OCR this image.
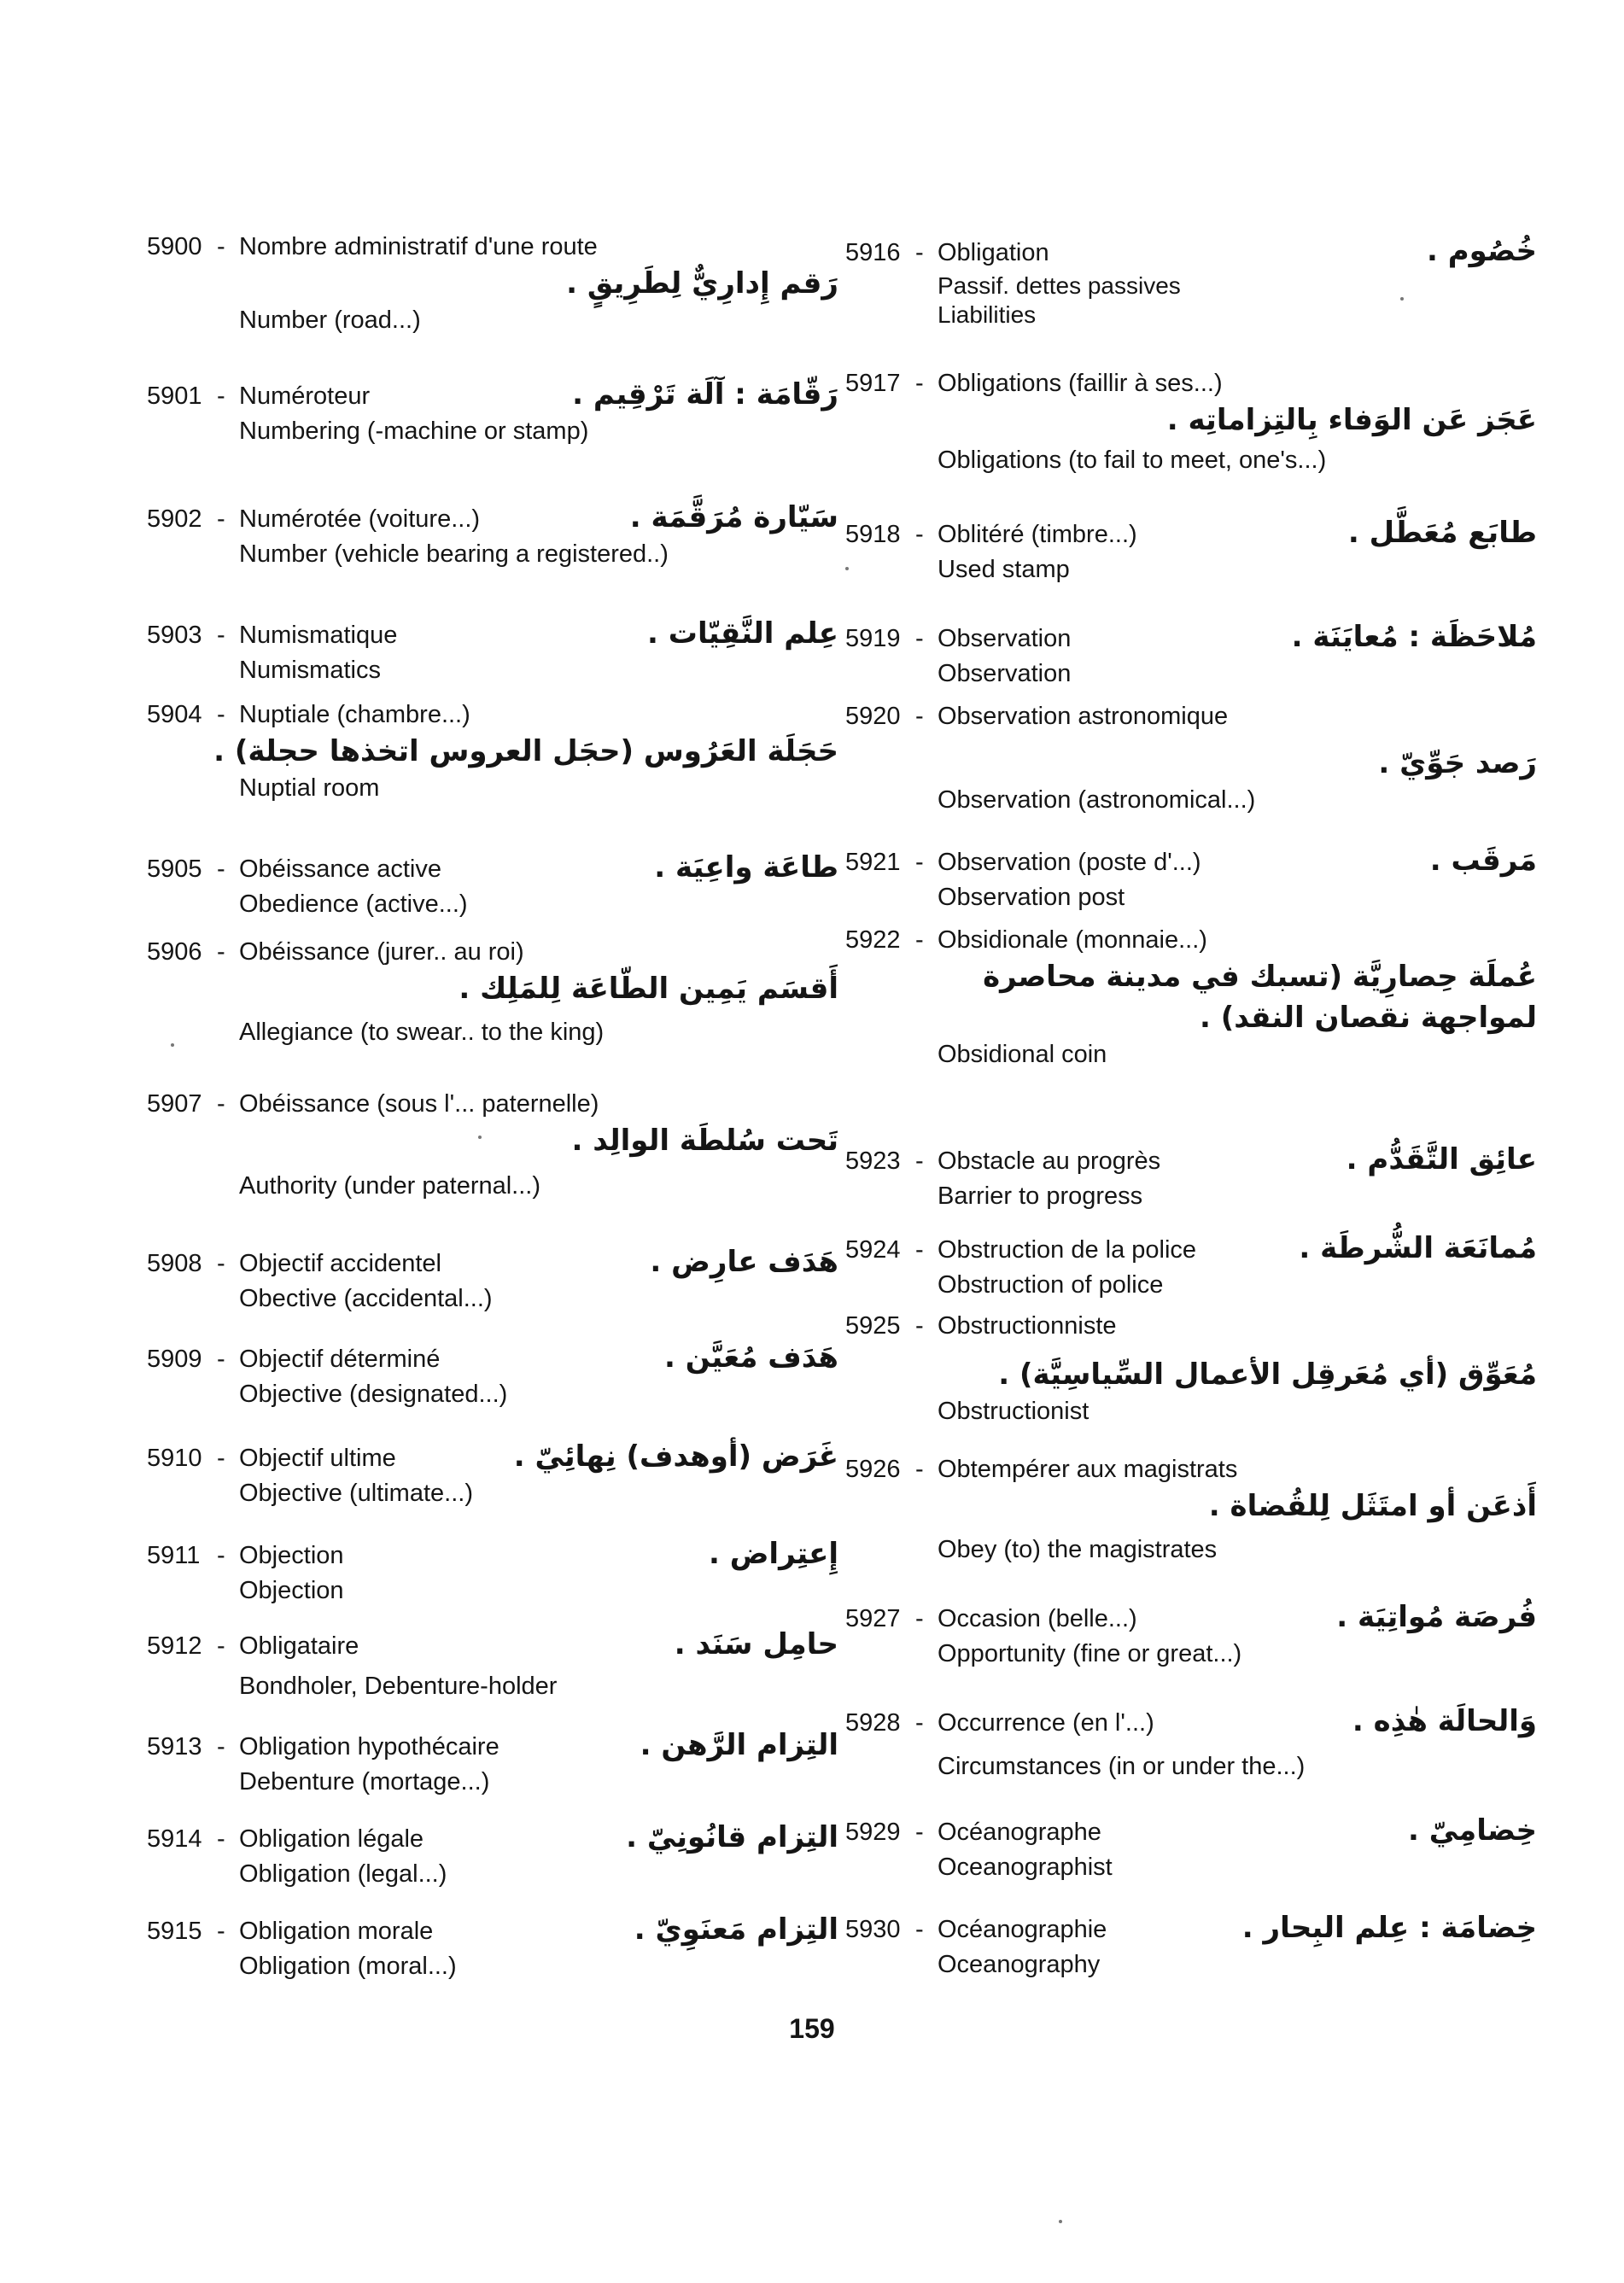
5900 - Nombre administratif d'une route
رَقم إِدارِيٌّ لِطَرِيقٍ .
Number (road...)
5901 - Numéroteur	رَقّامَة : آلَة تَرْقِيم .
Numbering (-machine or stamp)
5902 - Numérotée (voiture...)	سَيّارة مُرَقَّمَة .
Number (vehicle bearing a registered..)
5903 - Numismatique	عِلم النَّقِيّات .
Numismatics
5904 - Nuptiale (chambre...)
حَجَلَة العَرُوس (حجَل العروس اتخذها حجلة) .
Nuptial room
5905 - Obéissance active	طاعَة واعِيَة .
Obedience (active...)
5906 - Obéissance (jurer.. au roi)
أَقسَم يَمِين الطّاعَة لِلمَلِك .
Allegiance (to swear.. to the king)
5907 - Obéissance (sous l'... paternelle)
تَحت سُلطَة الوالِد .
Authority (under paternal...)
5908 - Objectif accidentel	هَدَف عارِض .
Obective (accidental...)
5909 - Objectif déterminé	هَدَف مُعَيَّن .
Objective (designated...)
5910 - Objectif ultime	غَرَض (أوهدف) نِهائِيّ .
Objective (ultimate...)
5911 - Objection	إِعتِراض .
Objection
5912 - Obligataire	حامِل سَنَد .
Bondholer, Debenture-holder
5913 - Obligation hypothécaire	التِزام الرَّهن .
Debenture (mortage...)
5914 - Obligation légale	التِزام قانُونِيّ .
Obligation (legal...)
5915 - Obligation morale	التِزام مَعنَوِيّ .
Obligation (moral...)
5916 - Obligation	خُصُوم .
Passif. dettes passives
Liabilities
5917 - Obligations (faillir à ses...)
عَجَز عَن الوَفاء بِالتِزاماتِه .
Obligations (to fail to meet, one's...)
5918 - Oblitéré (timbre...)	طابَع مُعَطَّل .
Used stamp
5919 - Observation	مُلاحَظَة : مُعايَنَة .
Observation
5920 - Observation astronomique
رَصد جَوِّيّ .
Observation (astronomical...)
5921 - Observation (poste d'...)	مَرقَب .
Observation post
5922 - Obsidionale (monnaie...)
عُملَة حِصارِيَّة (تسبك في مدينة محاصرة
لمواجهة نقصان النقد) .
Obsidional coin
5923 - Obstacle au progrès	عائِق التَّقَدُّم .
Barrier to progress
5924 - Obstruction de la police	مُمانَعَة الشُّرطَة .
Obstruction of police
5925 - Obstructionniste
مُعَوِّق (أي مُعَرقِل الأعمال السِّياسِيَّة) .
Obstructionist
5926 - Obtempérer aux magistrats
أَذعَن أو امتَثَل لِلقُضاة .
Obey (to) the magistrates
5927 - Occasion (belle...)	فُرصَة مُواتِيَة .
Opportunity (fine or great...)
5928 - Occurrence (en l'...)	وَالحالَة هٰذِه .
Circumstances (in or under the...)
5929 - Océanographe	خِضامِيّ .
Oceanographist
5930 - Océanographie	خِضامَة : عِلم البِحار .
Oceanography
159
